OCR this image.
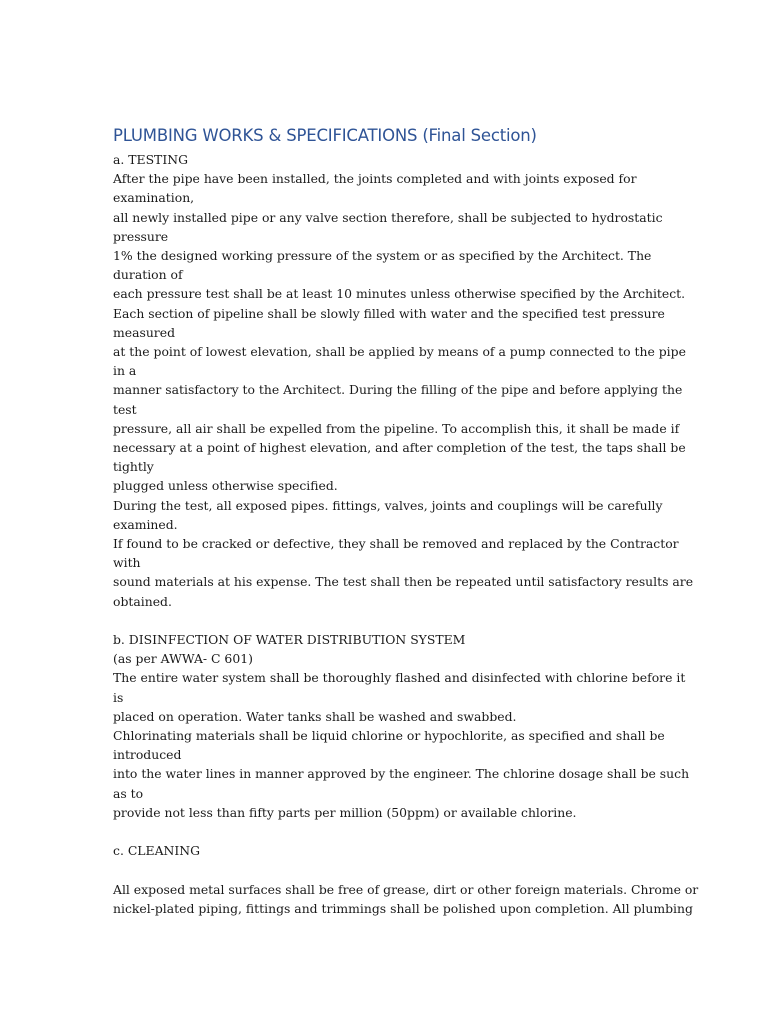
PLUMBING WORKS & SPECIFICATIONS (Final Section)
a. TESTING
After the pipe have been installed, the joints completed and with joints exposed for
examination,
all newly installed pipe or any valve section therefore, shall be subjected to hydrostatic
pressure
1% the designed working pressure of the system or as specified by the Architect. The
duration of
each pressure test shall be at least 10 minutes unless otherwise specified by the Architect.
Each section of pipeline shall be slowly filled with water and the specified test pressure
measured
at the point of lowest elevation, shall be applied by means of a pump connected to the pipe
in a
manner satisfactory to the Architect. During the filling of the pipe and before applying the
test
pressure, all air shall be expelled from the pipeline. To accomplish this, it shall be made if
necessary at a point of highest elevation, and after completion of the test, the taps shall be
tightly
plugged unless otherwise specified.
During the test, all exposed pipes. fittings, valves, joints and couplings will be carefully
examined.
If found to be cracked or defective, they shall be removed and replaced by the Contractor
with
sound materials at his expense. The test shall then be repeated until satisfactory results are
obtained.
b. DISINFECTION OF WATER DISTRIBUTION SYSTEM
(as per AWWA- C 601)
The entire water system shall be thoroughly flashed and disinfected with chlorine before it
is
placed on operation. Water tanks shall be washed and swabbed.
Chlorinating materials shall be liquid chlorine or hypochlorite, as specified and shall be
introduced
into the water lines in manner approved by the engineer. The chlorine dosage shall be such
as to
provide not less than fifty parts per million (50ppm) or available chlorine.
c. CLEANING
All exposed metal surfaces shall be free of grease, dirt or other foreign materials. Chrome or
nickel-plated piping, fittings and trimmings shall be polished upon completion. All plumbing
